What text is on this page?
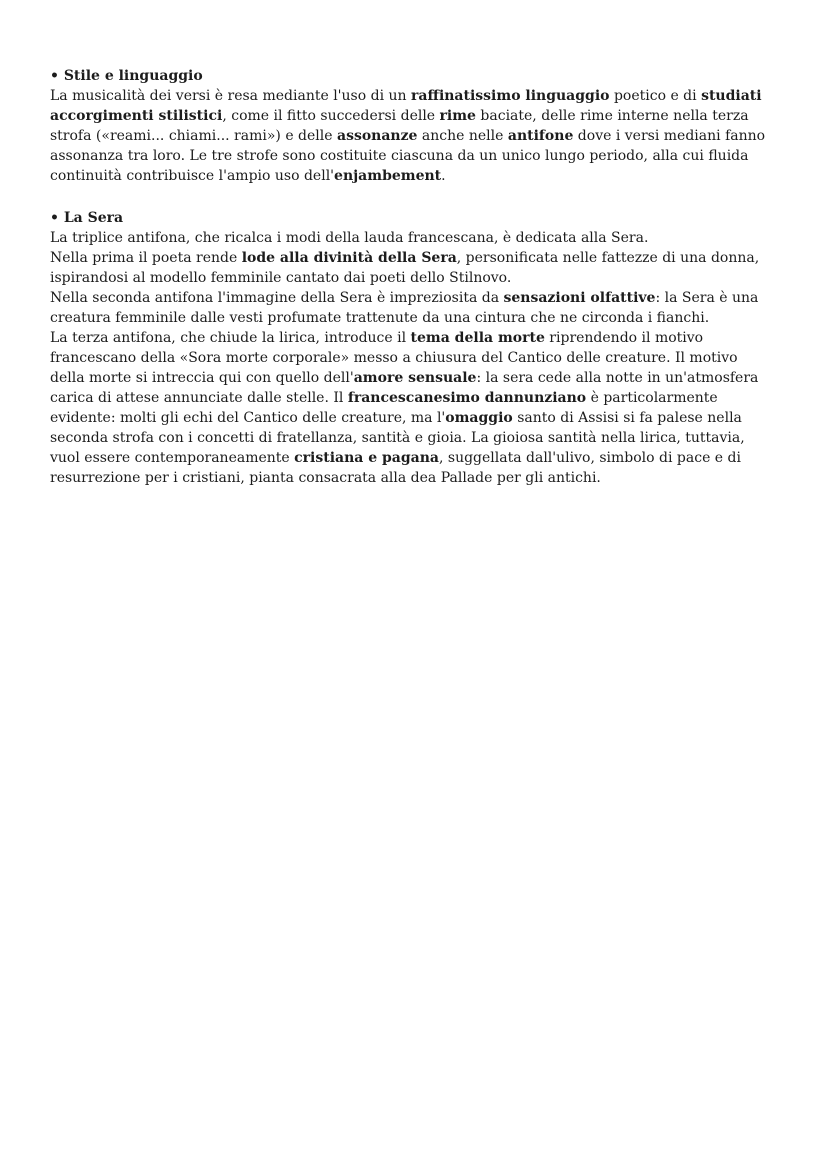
• Stile e linguaggio

La musicalità dei versi è resa mediante l'uso di un raffinatissimo linguaggio poetico e di studiati accorgimenti stilistici, come il fitto succedersi delle rime baciate, delle rime interne nella terza strofa («reami... chiami... rami») e delle assonanze anche nelle antifone dove i versi mediani fanno assonanza tra loro. Le tre strofe sono costituite ciascuna da un unico lungo periodo, alla cui fluida continuità contribuisce l'ampio uso dell'enjambement.

• La Sera

La triplice antifona, che ricalca i modi della lauda francescana, è dedicata alla Sera.

Nella prima il poeta rende lode alla divinità della Sera, personificata nelle fattezze di una donna, ispirandosi al modello femminile cantato dai poeti dello Stilnovo.

Nella seconda antifona l'immagine della Sera è impreziosita da sensazioni olfattive: la Sera è una creatura femminile dalle vesti profumate trattenute da una cintura che ne circonda i fianchi.

La terza antifona, che chiude la lirica, introduce il tema della morte riprendendo il motivo francescano della «Sora morte corporale» messo a chiusura del Cantico delle creature. Il motivo della morte si intreccia qui con quello dell'amore sensuale: la sera cede alla notte in un'atmosfera carica di attese annunciate dalle stelle. Il francescanesimo dannunziano è particolarmente evidente: molti gli echi del Cantico delle creature, ma l'omaggio santo di Assisi si fa palese nella seconda strofa con i concetti di fratellanza, santità e gioia. La gioiosa santità nella lirica, tuttavia, vuol essere contemporaneamente cristiana e pagana, suggellata dall'ulivo, simbolo di pace e di resurrezione per i cristiani, pianta consacrata alla dea Pallade per gli antichi.
